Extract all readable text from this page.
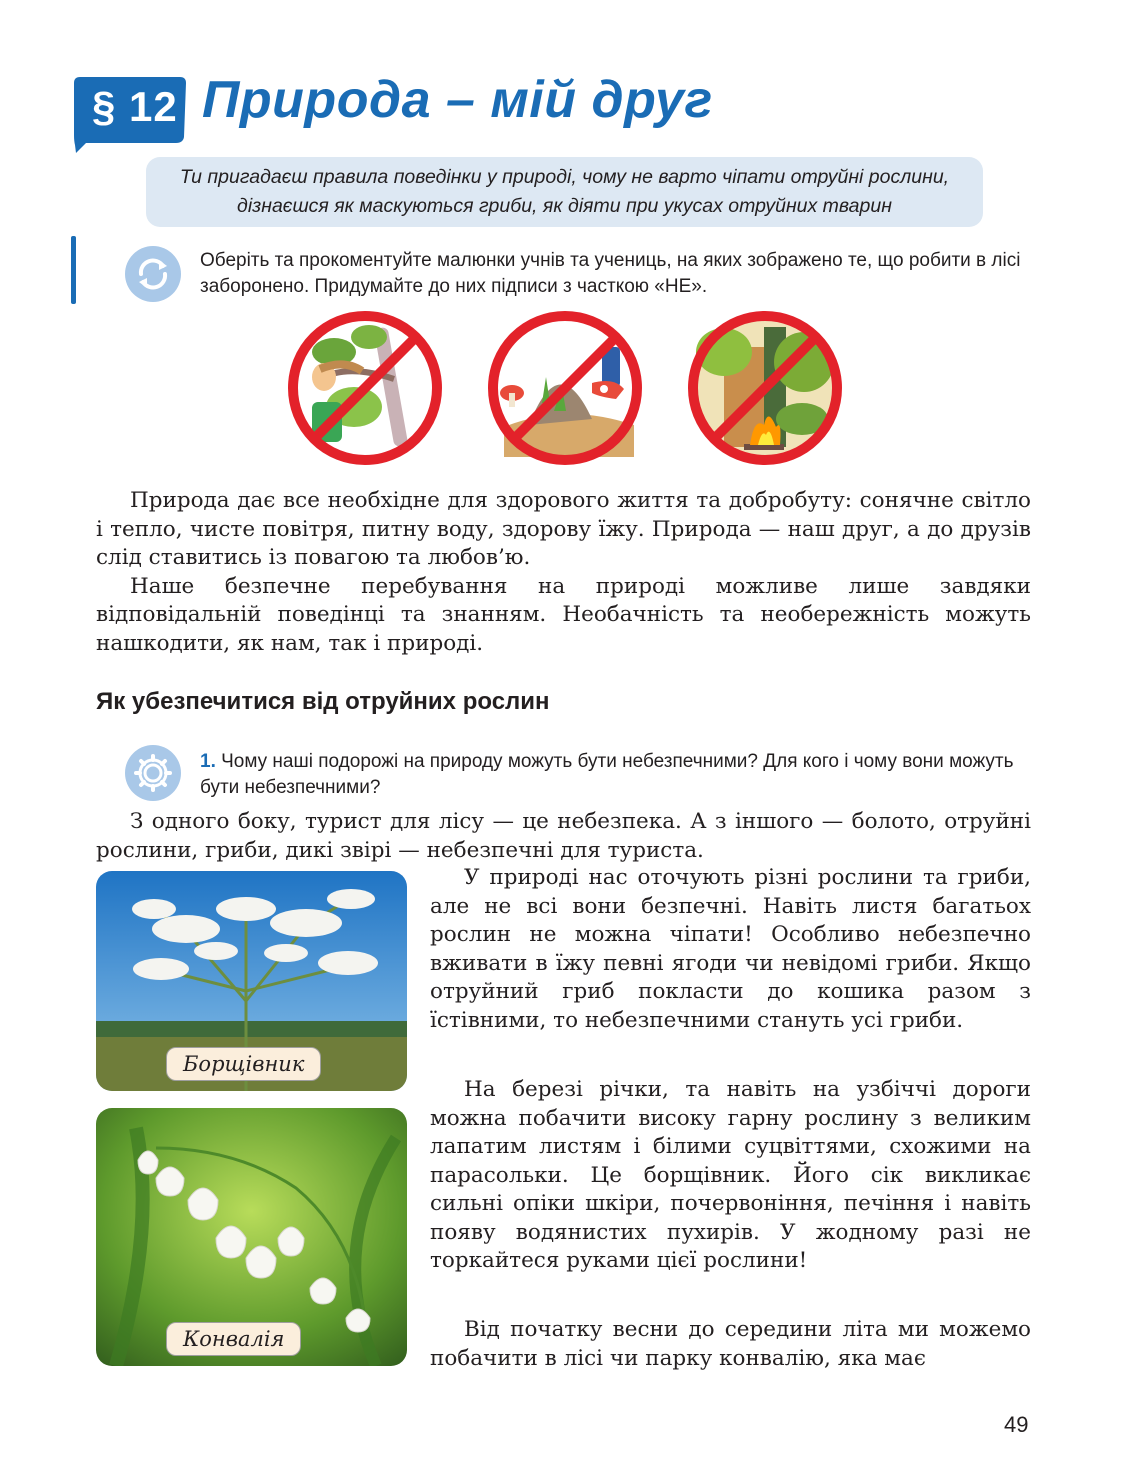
§ 12 Природа – мій друг

Ти пригадаєш правила поведінки у природі, чому не варто чіпати отруйні рослини, дізнаєшся як маскуються гриби, як діяти при укусах отруйних тварин

Оберіть та прокоментуйте малюнки учнів та учениць, на яких зображено те, що робити в лісі заборонено. Придумайте до них підписи з часткою «НЕ».

Природа дає все необхідне для здорового життя та добробуту: сонячне світло і тепло, чисте повітря, питну воду, здорову їжу. Природа — наш друг, а до друзів слід ставитись із повагою та любов’ю.

Наше безпечне перебування на природі можливе лише завдяки відповідальній поведінці та знанням. Необачність та необережність можуть нашкодити, як нам, так і природі.

Як убезпечитися від отруйних рослин
1. Чому наші подорожі на природу можуть бути небезпечними? Для кого і чому вони можуть бути небезпечними?

З одного боку, турист для лісу — це небезпека. А з іншого — болото, отруйні рослини, гриби, дикі звірі — небезпечні для туриста.

Борщівник
Конвалія

У природі нас оточують різні рослини та гриби, але не всі вони безпечні. Навіть листя багатьох рослин не можна чіпати! Особливо небезпечно вживати в їжу певні ягоди чи невідомі гриби. Якщо отруйний гриб покласти до кошика разом з їстівними, то небезпечними стануть усі гриби.

На березі річки, та навіть на узбіччі дороги можна побачити високу гарну рослину з великим лапатим листям і білими суцвіттями, схожими на парасольки. Це борщівник. Його сік викликає сильні опіки шкіри, почервоніння, печіння і навіть появу водянистих пухирів. У жодному разі не торкайтеся руками цієї рослини!

Від початку весни до середини літа ми можемо побачити в лісі чи парку конвалію, яка має

49
